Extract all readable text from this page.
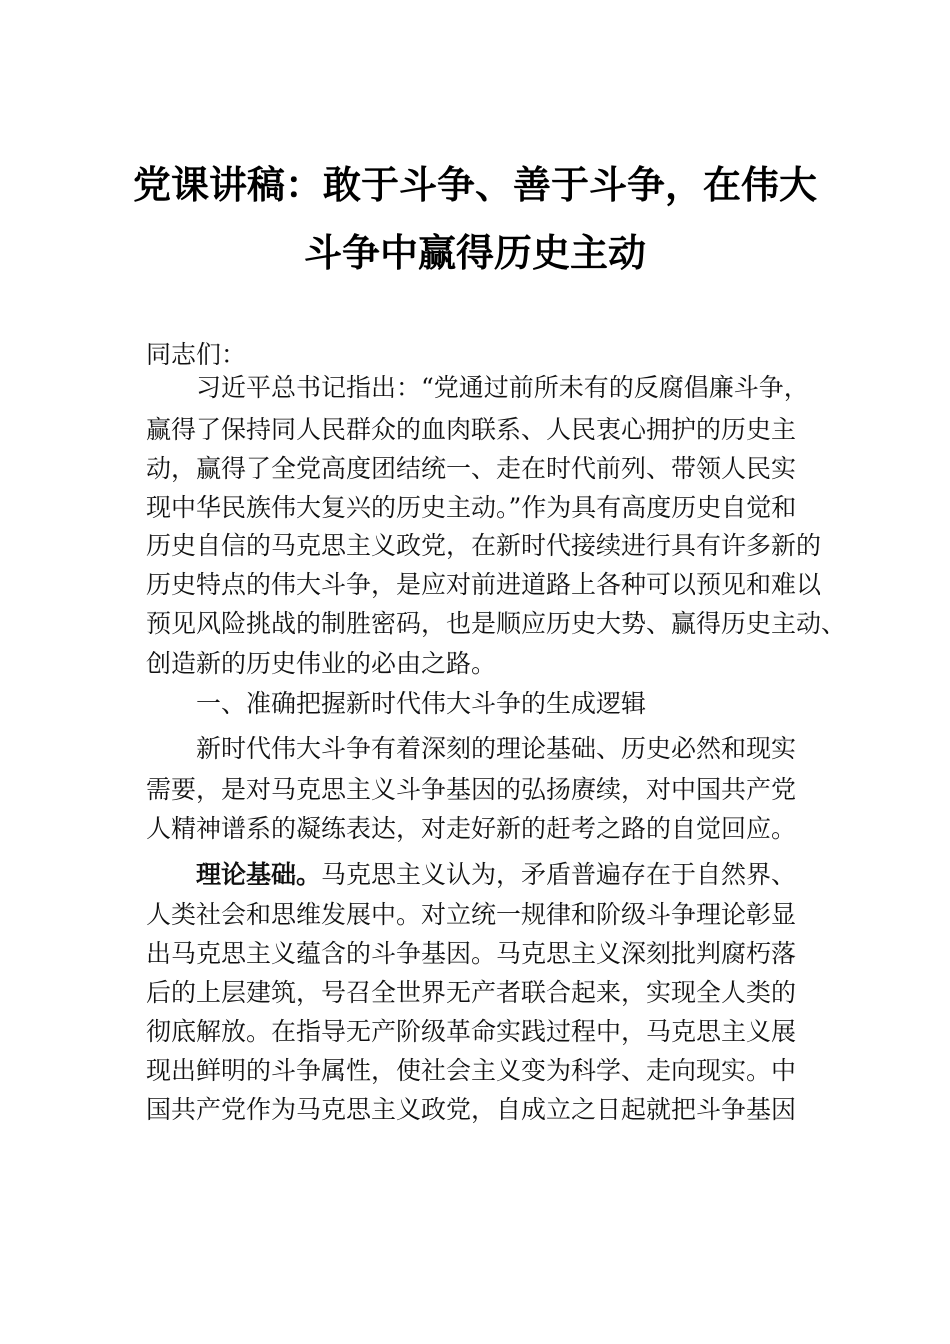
党课讲稿：敢于斗争、善于斗争，在伟大
斗争中赢得历史主动
同志们：
习近平总书记指出：“党通过前所未有的反腐倡廉斗争，
赢得了保持同人民群众的血肉联系、人民衷心拥护的历史主
动，赢得了全党高度团结统一、走在时代前列、带领人民实
现中华民族伟大复兴的历史主动。”作为具有高度历史自觉和
历史自信的马克思主义政党，在新时代接续进行具有许多新的
历史特点的伟大斗争，是应对前进道路上各种可以预见和难以
预见风险挑战的制胜密码，也是顺应历史大势、赢得历史主动、
创造新的历史伟业的必由之路。
一、准确把握新时代伟大斗争的生成逻辑
新时代伟大斗争有着深刻的理论基础、历史必然和现实
需要，是对马克思主义斗争基因的弘扬赓续，对中国共产党
人精神谱系的凝练表达，对走好新的赶考之路的自觉回应。
理论基础。马克思主义认为，矛盾普遍存在于自然界、
人类社会和思维发展中。对立统一规律和阶级斗争理论彰显
出马克思主义蕴含的斗争基因。马克思主义深刻批判腐朽落
后的上层建筑，号召全世界无产者联合起来，实现全人类的
彻底解放。在指导无产阶级革命实践过程中，马克思主义展
现出鲜明的斗争属性，使社会主义变为科学、走向现实。中
国共产党作为马克思主义政党，自成立之日起就把斗争基因
